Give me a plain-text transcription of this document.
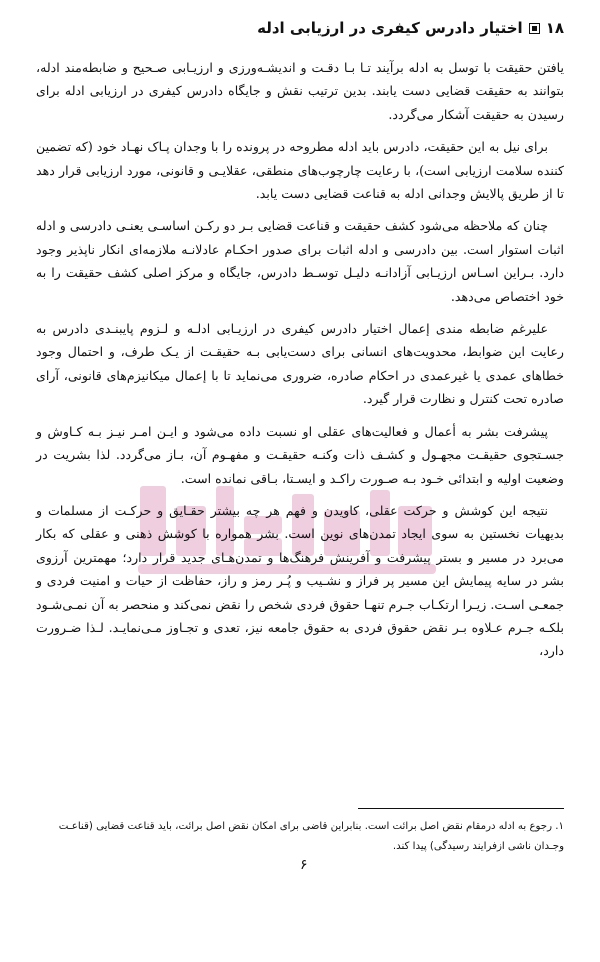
۱۸
اختیار دادرس کیفری در ارزیابی ادله

یافتن حقیقت با توسل به ادله برآیند تـا بـا دقـت و اندیشـه‌ورزی و ارزیـابی صـحیح و ضابطه‌مند ادله، بتوانند به حقیقت قضایی دست یابند. بدین ترتیب نقش و جایگاه دادرس کیفری در ارزیابی ادله برای رسیدن به حقیقت آشکار می‌گردد.

برای نیل به این حقیقت، دادرس باید ادله مطروحه در پرونده را با وجدان پـاک نهـاد خود (که تضمین کننده سلامت ارزیابی است)، با رعایت چارچوب‌های منطقی، عقلایـی و قانونی، مورد ارزیابی قرار دهد تا از طریق پالایش وجدانی ادله به قناعت قضایی دست یابد.

چنان که ملاحظه می‌شود کشف حقیقت و قناعت قضایی بـر دو رکـن اساسـی یعنـی دادرسی و ادله اثبات استوار است. بین دادرسی و ادله اثبات برای صدور احکـام عادلانـه ملازمه‌ای انکار ناپذیر وجود دارد. بـراین اسـاس ارزیـابی آزادانـه دلیـل توسـط دادرس، جایگاه و مرکز اصلی کشف حقیقت را به خود اختصاص می‌دهد.

علیرغم ضابطه مندی إعمال اختیار دادرس کیفری در ارزیـابی ادلـه و لـزوم پایبنـدی دادرس به رعایت این ضوابط، محدویت‌های انسانی برای دست‌یابی بـه حقیقـت از یـک طرف، و احتمال وجود خطاهای عمدی یا غیرعمدی در احکام صادره، ضروری می‌نماید تا با إعمال میکانیزم‌های قانونی، آرای صادره تحت کنترل و نظارت قرار گیرد.

پیشرفت بشر به أعمال و فعالیت‌های عقلی او نسبت داده می‌شود و ایـن امـر نیـز بـه کـاوش و جسـتجوی حقیقـت مجهـول و کشـف ذات وکنـه حقیقـت و مفهـوم آن، بـاز می‌گردد. لذا بشریت در وضعیت اولیه و ابتدائی خـود بـه صـورت راکـد و ایسـتا، بـاقی نمانده است.

نتیجه این کوشش و حرکت عقلی، کاویدن و فهم هر چه بیشتر حقـایق و حرکـت از مسلمات و بدیهیات نخستین به سوی ایجاد تمدن‌های نوین است. بشر همواره با کوشش ذهنی و عقلی که بکار می‌برد در مسیر و بستر پیشرفت و آفرینش فرهنگ‌ها و تمدن‌هـای جدید قرار دارد؛ مهمترین آرزوی بشر در سایه پیمایش این مسیر پر فراز و نشـیب و پُـر رمز و راز، حفاظت از حیات و امنیت فردی و جمعـی اسـت. زیـرا ارتکـاب جـرم تنهـا حقوق فردی شخص را نقض نمی‌کند و منحصر به آن نمـی‌شـود بلکـه جـرم عـلاوه بـر نقض حقوق فردی به حقوق جامعه نیز، تعدی و تجـاوز مـی‌نمایـد. لـذا ضـرورت دارد،

۱. رجوع به ادله درمقام نقض اصل برائت است. بنابراین قاضی برای امکان نقض اصل برائت، باید قناعت قضایی (قناعـت وجـدان ناشی ازفرایند رسیدگی) پیدا کند.
۶
